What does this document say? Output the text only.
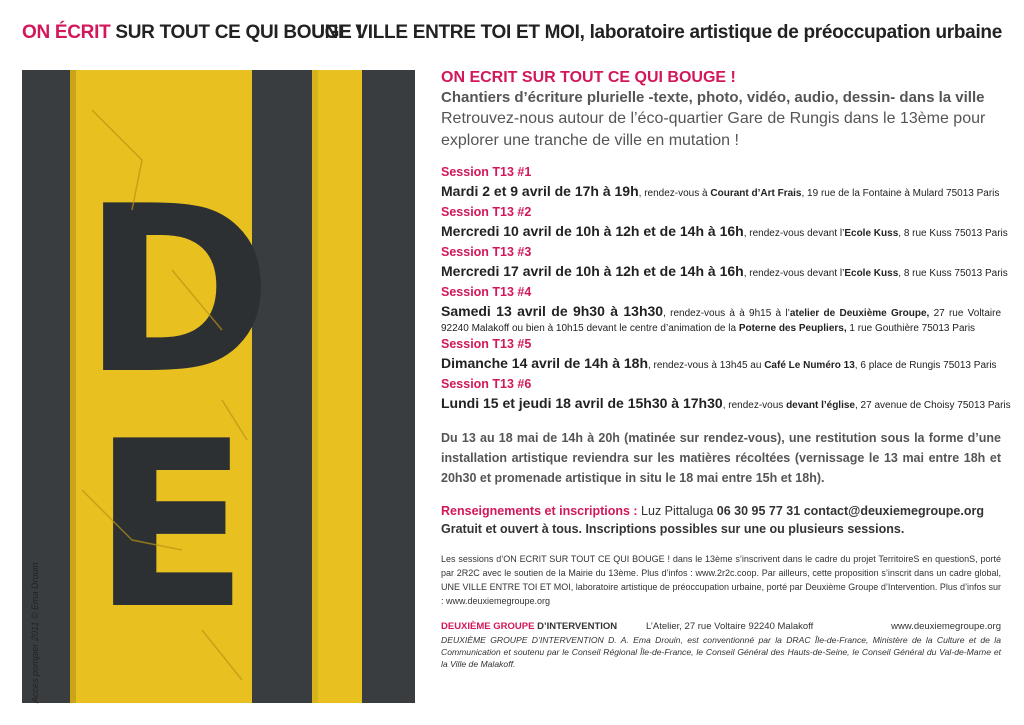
ON ÉCRIT SUR TOUT CE QUI BOUGE !
UNE VILLE ENTRE TOI ET MOI, laboratoire artistique de préoccupation urbaine
D
E
Accès pompier 2011 © Ema Drouin
ON ECRIT SUR TOUT CE QUI BOUGE !
Chantiers d’écriture plurielle -texte, photo, vidéo, audio, dessin- dans la ville
Retrouvez-nous autour de l’éco-quartier Gare de Rungis dans le 13ème pour explorer une tranche de ville en mutation !
Session T13 #1
Mardi 2 et 9 avril de 17h à 19h, rendez-vous à Courant d’Art Frais, 19 rue de la Fontaine à Mulard 75013 Paris
Session T13 #2
Mercredi 10 avril de 10h à 12h et de 14h à 16h, rendez-vous devant l’Ecole Kuss, 8 rue Kuss 75013 Paris
Session T13 #3
Mercredi 17 avril de 10h à 12h et de 14h à 16h, rendez-vous devant l’Ecole Kuss, 8 rue Kuss 75013 Paris
Session T13 #4
Samedi 13 avril de 9h30 à 13h30, rendez-vous à à 9h15 à l’atelier de Deuxième Groupe, 27 rue Voltaire 92240 Malakoff ou bien à 10h15 devant le centre d’animation de la Poterne des Peupliers, 1 rue Gouthière 75013 Paris
Session T13 #5
Dimanche 14 avril de 14h à 18h, rendez-vous à 13h45 au Café Le Numéro 13, 6 place de Rungis 75013 Paris
Session T13 #6
Lundi 15 et jeudi 18 avril de 15h30 à 17h30, rendez-vous devant l’église, 27 avenue de Choisy 75013 Paris
Du 13 au 18 mai de 14h à 20h (matinée sur rendez-vous), une restitution sous la forme d’une installation artistique reviendra sur les matières récoltées (vernissage le 13 mai entre 18h et 20h30 et promenade artistique in situ le 18 mai entre 15h et 18h).
Renseignements et inscriptions : Luz Pittaluga 06 30 95 77 31 contact@deuxiemegroupe.org
Gratuit et ouvert à tous. Inscriptions possibles sur une ou plusieurs sessions.
Les sessions d’ON ECRIT SUR TOUT CE QUI BOUGE ! dans le 13ème s’inscrivent dans le cadre du projet TerritoireS en questionS, porté par 2R2C avec le soutien de la Mairie du 13ème. Plus d’infos : www.2r2c.coop. Par ailleurs, cette proposition s’inscrit dans un cadre global, UNE VILLE ENTRE TOI ET MOI, laboratoire artistique de préoccupation urbaine, porté par Deuxième Groupe d’Intervention. Plus d’infos sur : www.deuxiemegroupe.org
DEUXIÈME GROUPE D’INTERVENTION	L’Atelier, 27 rue Voltaire 92240 Malakoff	www.deuxiemegroupe.org
DEUXIÈME GROUPE D’INTERVENTION D. A. Ema Drouin, est conventionné par la DRAC Île-de-France, Ministère de la Culture et de la Communication et soutenu par le Conseil Régional Île-de-France, le Conseil Général des Hauts-de-Seine, le Conseil Général du Val-de-Marne et la Ville de Malakoff.
